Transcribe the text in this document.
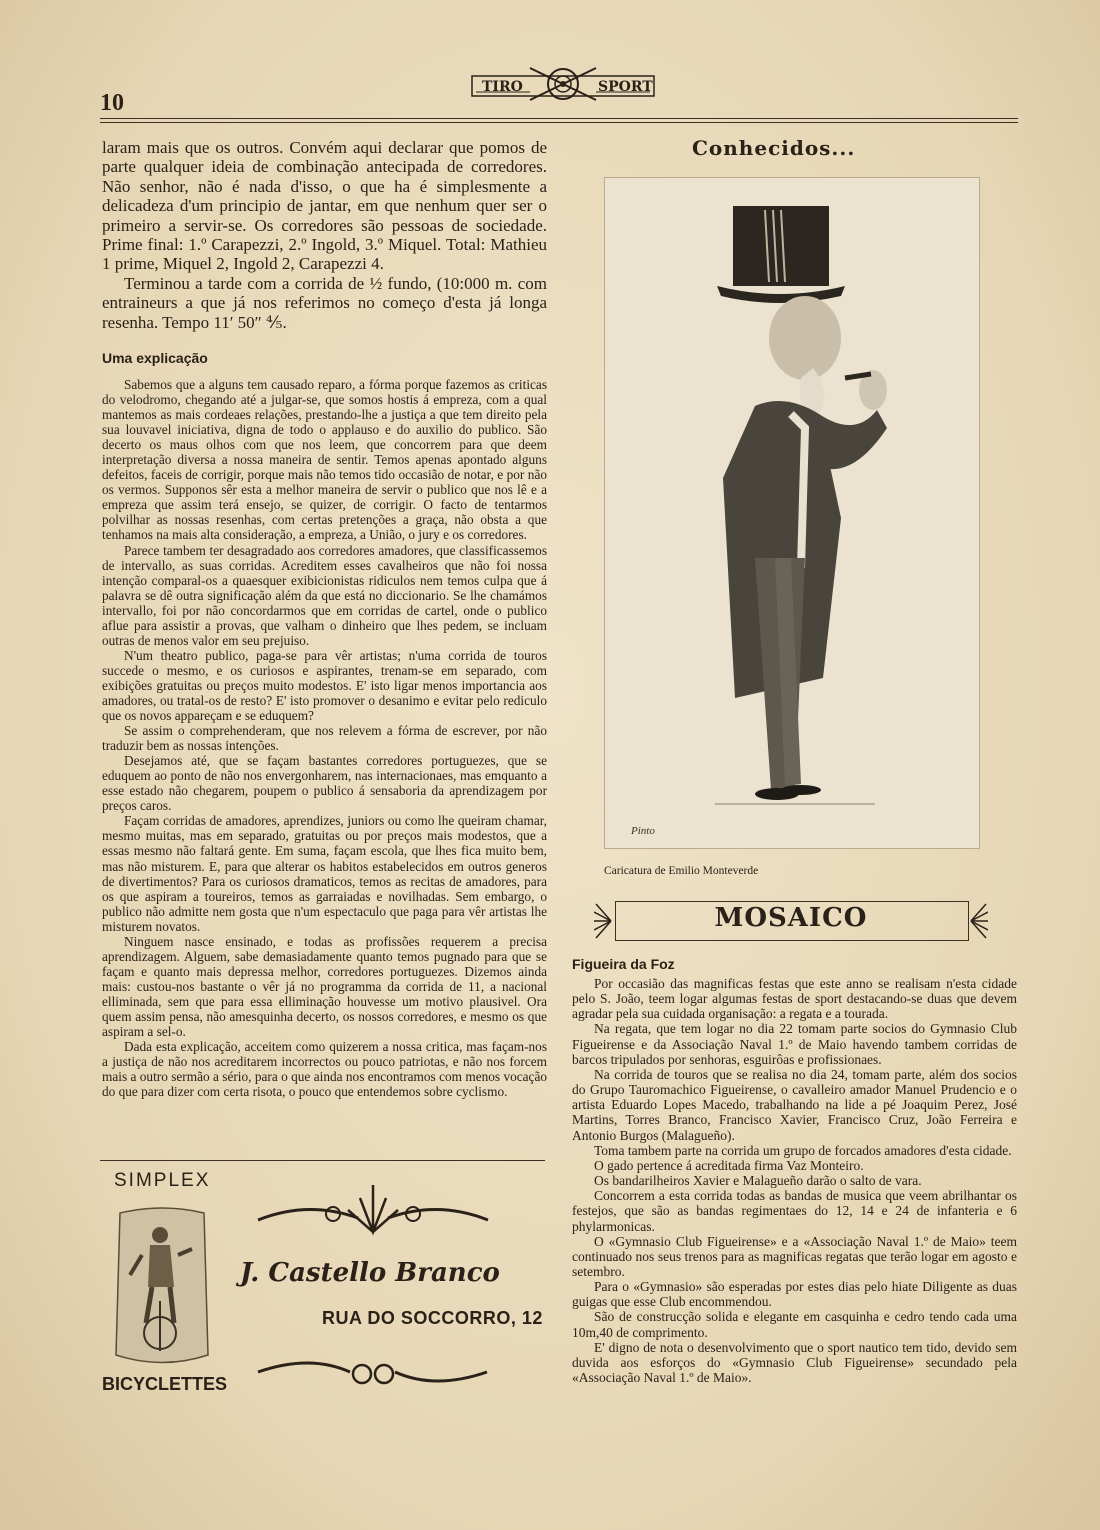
10
TIRO	SPORT

laram mais que os outros. Convém aqui declarar que pomos de parte qualquer ideia de combinação antecipada de corredores. Não senhor, não é nada d'isso, o que ha é simplesmente a delicadeza d'um principio de jantar, em que nenhum quer ser o primeiro a servir-se. Os corredores são pessoas de sociedade. Prime final: 1.º Carapezzi, 2.º Ingold, 3.º Miquel. Total: Mathieu 1 prime, Miquel 2, Ingold 2, Carapezzi 4.

Terminou a tarde com a corrida de ½ fundo, (10:000 m. com entraineurs a que já nos referimos no começo d'esta já longa resenha. Tempo 11′ 50″ ⅘.

Uma explicação

Sabemos que a alguns tem causado reparo, a fórma porque fazemos as criticas do velodromo, chegando até a julgar-se, que somos hostis á empreza, com a qual mantemos as mais cordeaes relações, prestando-lhe a justiça a que tem direito pela sua louvavel iniciativa, digna de todo o applauso e do auxilio do publico. São decerto os maus olhos com que nos leem, que concorrem para que deem interpretação diversa a nossa maneira de sentir. Temos apenas apontado alguns defeitos, faceis de corrigir, porque mais não temos tido occasião de notar, e por não os vermos. Supponos sêr esta a melhor maneira de servir o publico que nos lê e a empreza que assim terá ensejo, se quizer, de corrigir. O facto de tentarmos polvilhar as nossas resenhas, com certas pretenções a graça, não obsta a que tenhamos na mais alta consideração, a empreza, a União, o jury e os corredores.

Parece tambem ter desagradado aos corredores amadores, que classificassemos de intervallo, as suas corridas. Acreditem esses cavalheiros que não foi nossa intenção comparal-os a quaesquer exibicionistas ridiculos nem temos culpa que á palavra se dê outra significação além da que está no diccionario. Se lhe chamámos intervallo, foi por não concordarmos que em corridas de cartel, onde o publico aflue para assistir a provas, que valham o dinheiro que lhes pedem, se incluam outras de menos valor em seu prejuiso.

N'um theatro publico, paga-se para vêr artistas; n'uma corrida de touros succede o mesmo, e os curiosos e aspirantes, trenam-se em separado, com exibições gratuitas ou preços muito modestos. E' isto ligar menos importancia aos amadores, ou tratal-os de resto? E' isto promover o desanimo e evitar pelo rediculo que os novos appareçam e se eduquem?

Se assim o comprehenderam, que nos relevem a fórma de escrever, por não traduzir bem as nossas intenções.

Desejamos até, que se façam bastantes corredores portuguezes, que se eduquem ao ponto de não nos envergonharem, nas internacionaes, mas emquanto a esse estado não chegarem, poupem o publico á sensaboria da aprendizagem por preços caros.

Façam corridas de amadores, aprendizes, juniors ou como lhe queiram chamar, mesmo muitas, mas em separado, gratuitas ou por preços mais modestos, que a essas mesmo não faltará gente. Em suma, façam escola, que lhes fica muito bem, mas não misturem. E, para que alterar os habitos estabelecidos em outros generos de divertimentos? Para os curiosos dramaticos, temos as recitas de amadores, para os que aspiram a toureiros, temos as garraiadas e novilhadas. Sem embargo, o publico não admitte nem gosta que n'um espectaculo que paga para vêr artistas lhe misturem novatos.

Ninguem nasce ensinado, e todas as profissões requerem a precisa aprendizagem. Alguem, sabe demasiadamente quanto temos pugnado para que se façam e quanto mais depressa melhor, corredores portuguezes. Dizemos ainda mais: custou-nos bastante o vêr já no programma da corrida de 11, a nacional elliminada, sem que para essa elliminação houvesse um motivo plausivel. Ora quem assim pensa, não amesquinha decerto, os nossos corredores, e mesmo os que aspiram a sel-o.

Dada esta explicação, acceitem como quizerem a nossa critica, mas façam-nos a justiça de não nos acreditarem incorrectos ou pouco patriotas, e não nos forcem mais a outro sermão a sério, para o que ainda nos encontramos com menos vocação do que para dizer com certa risota, o pouco que entendemos sobre cyclismo.

SIMPLEX
BICYCLETTES
J. Castello Branco
RUA DO SOCCORRO, 12
Conhecidos...
Pinto
Caricatura de Emilio Monteverde
MOSAICO
Figueira da Foz

Por occasião das magnificas festas que este anno se realisam n'esta cidade pelo S. João, teem logar algumas festas de sport destacando-se duas que devem agradar pela sua cuidada organisação: a regata e a tourada.

Na regata, que tem logar no dia 22 tomam parte socios do Gymnasio Club Figueirense e da Associação Naval 1.º de Maio havendo tambem corridas de barcos tripulados por senhoras, esguirôas e profissionaes.

Na corrida de touros que se realisa no dia 24, tomam parte, além dos socios do Grupo Tauromachico Figueirense, o cavalleiro amador Manuel Prudencio e o artista Eduardo Lopes Macedo, trabalhando na lide a pé Joaquim Perez, José Martins, Torres Branco, Francisco Xavier, Francisco Cruz, João Ferreira e Antonio Burgos (Malagueño).

Toma tambem parte na corrida um grupo de forcados amadores d'esta cidade.

O gado pertence á acreditada firma Vaz Monteiro.

Os bandarilheiros Xavier e Malagueño darão o salto de vara.

Concorrem a esta corrida todas as bandas de musica que veem abrilhantar os festejos, que são as bandas regimentaes do 12, 14 e 24 de infanteria e 6 phylarmonicas.

O «Gymnasio Club Figueirense» e a «Associação Naval 1.º de Maio» teem continuado nos seus trenos para as magnificas regatas que terão logar em agosto e setembro.

Para o «Gymnasio» são esperadas por estes dias pelo hiate Diligente as duas guigas que esse Club encommendou.

São de construcção solida e elegante em casquinha e cedro tendo cada uma 10m,40 de comprimento.

E' digno de nota o desenvolvimento que o sport nautico tem tido, devido sem duvida aos esforços do «Gymnasio Club Figueirense» secundado pela «Associação Naval 1.º de Maio».
